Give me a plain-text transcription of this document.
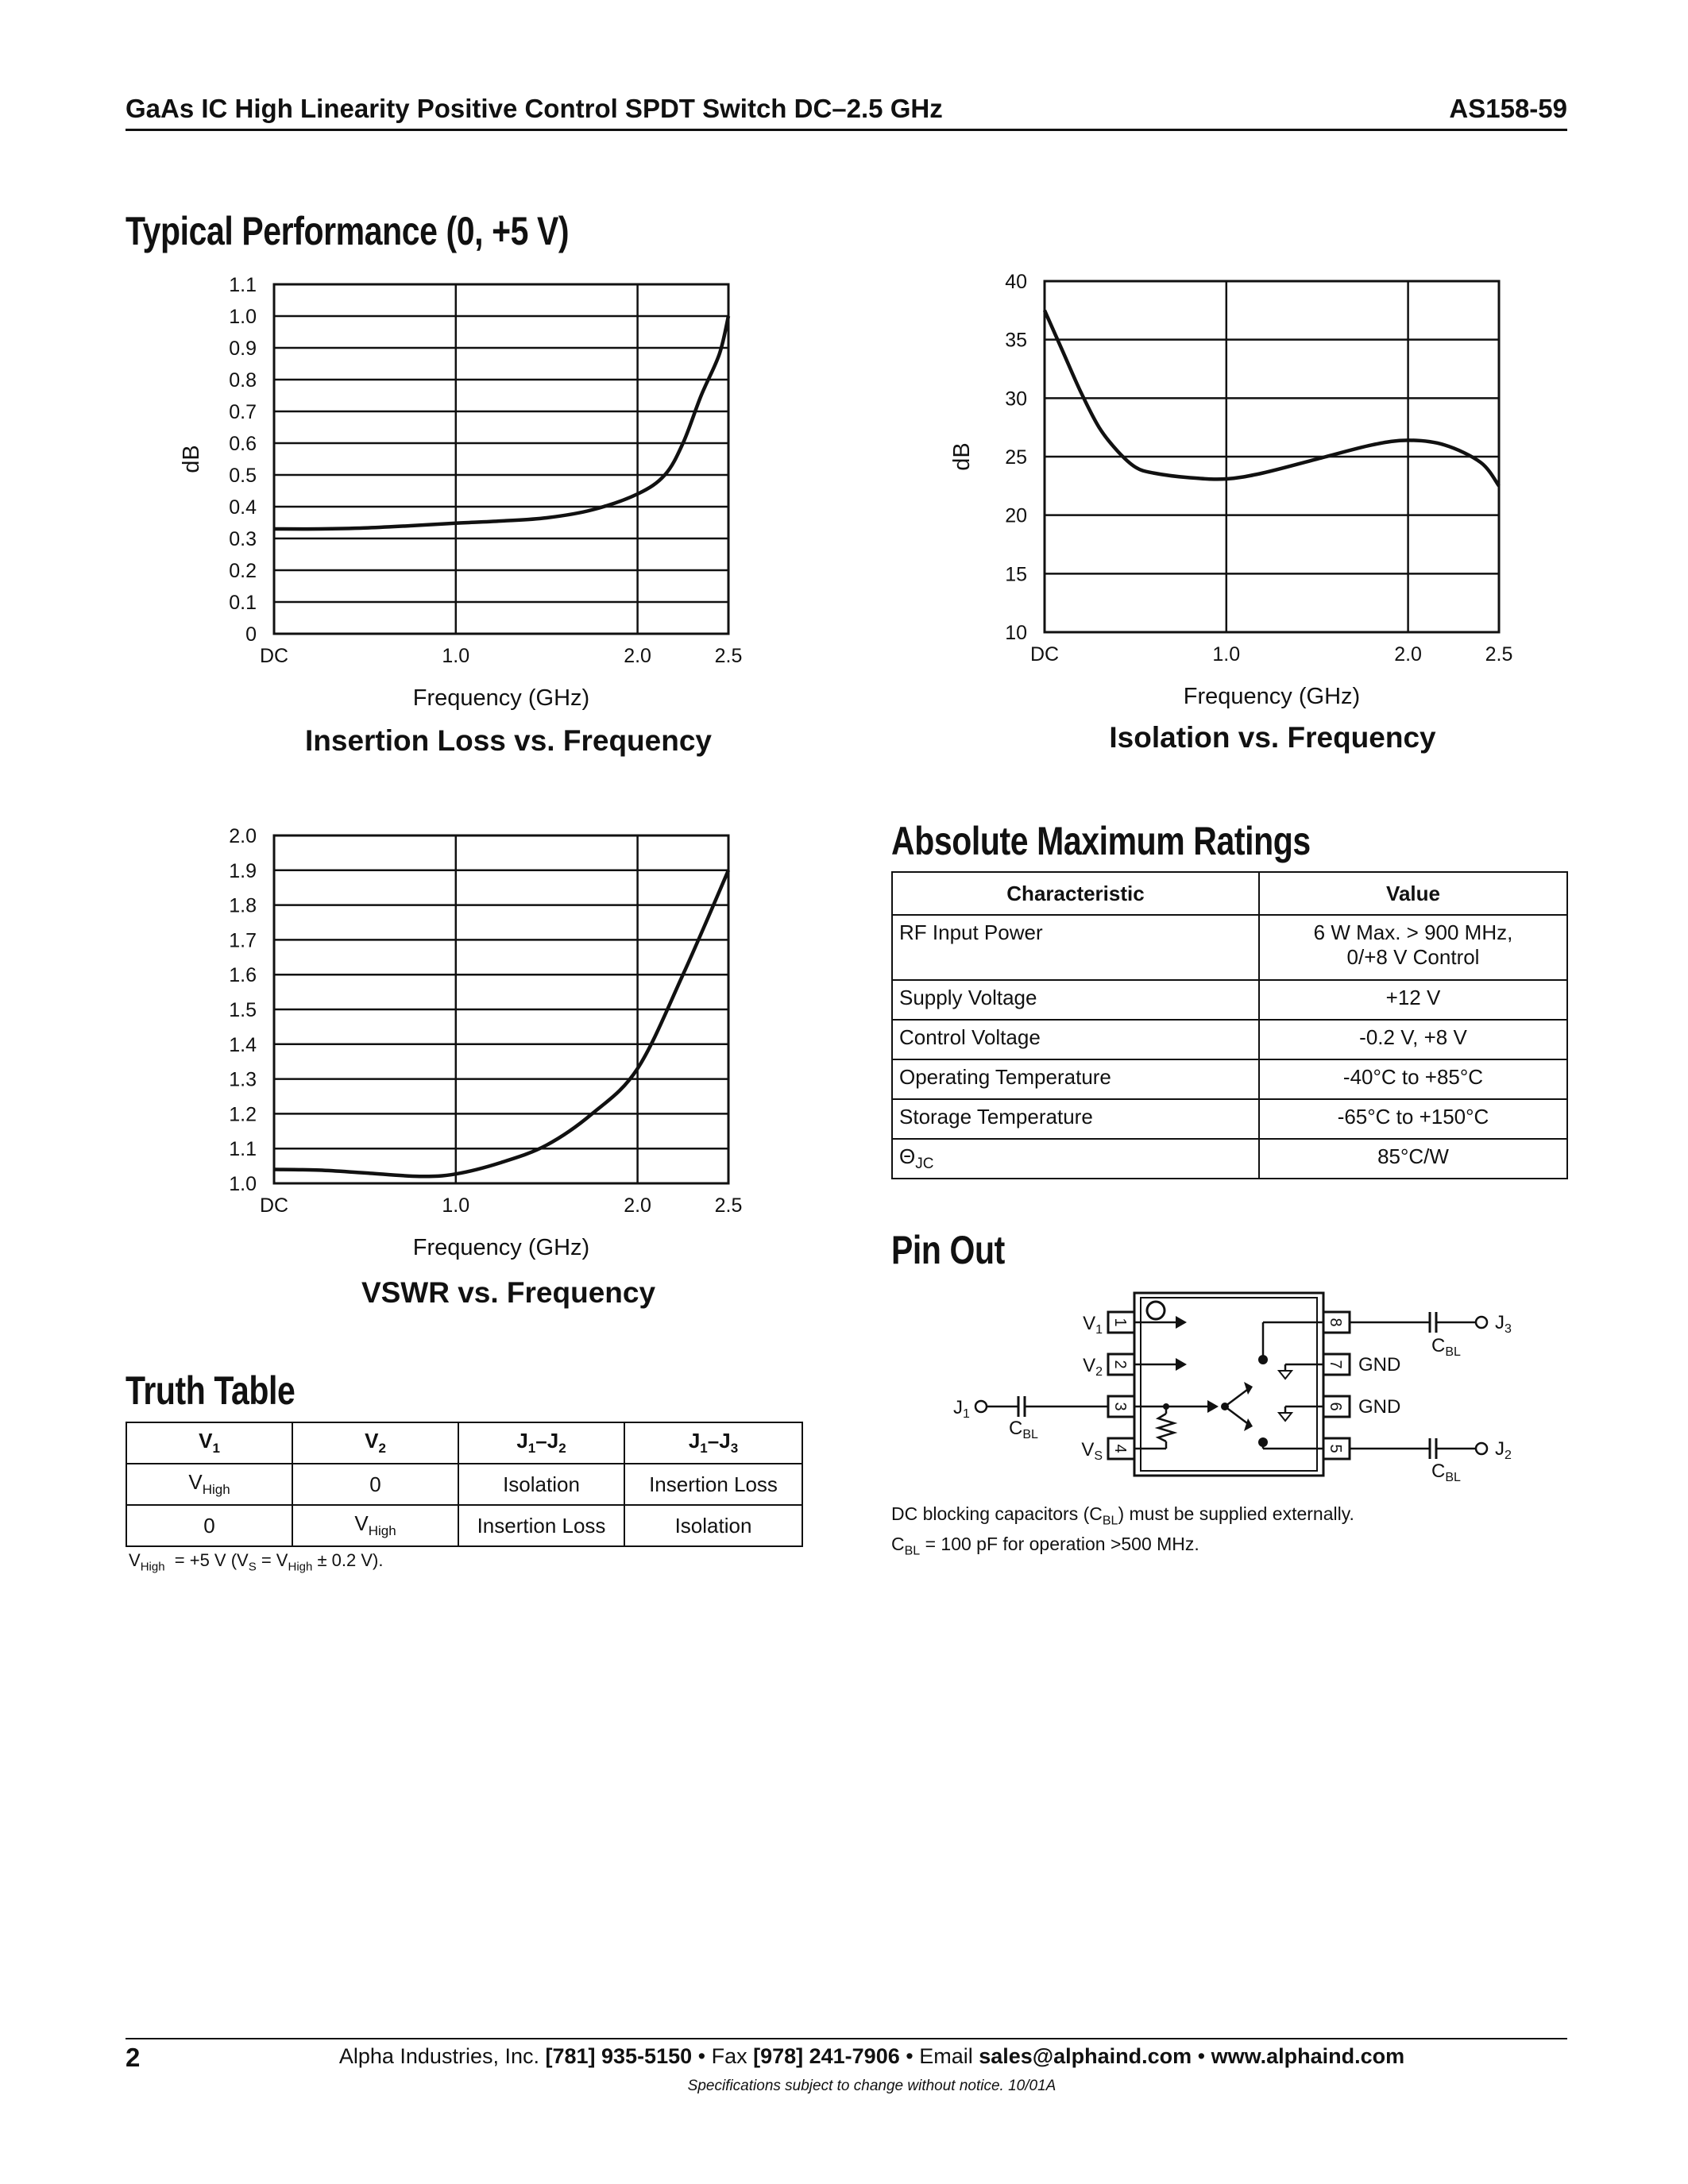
GaAs IC High Linearity Positive Control SPDT Switch DC–2.5 GHz	AS158-59
Typical Performance (0, +5 V)
0
0.1
0.2
0.3
0.4
0.5
0.6
0.7
0.8
0.9
1.0
1.1
DC	1.0	2.0	2.5
Frequency (GHz)
dB
Insertion Loss vs. Frequency
10
15
20
25
30
35
40
DC	1.0	2.0	2.5
Frequency (GHz)
dB
Isolation vs. Frequency
1.0
1.1
1.2
1.3
1.4
1.5
1.6
1.7
1.8
1.9
2.0
DC	1.0	2.0	2.5
Frequency (GHz)
VSWR vs. Frequency
Absolute Maximum Ratings
Characteristic	Value
RF Input Power	6 W Max. > 900 MHz,
0/+8 V Control
Supply Voltage	+12 V
Control Voltage	-0.2 V, +8 V
Operating Temperature	-40°C to +85°C
Storage Temperature	-65°C to +150°C
$\Theta_{JC}$	85°C/W
Pin Out
1
2
3
4
8
7
6
5
$V_1$
$V_2$
$V_S$
$J_1$
$C_{BL}$
$J_3$
$C_{BL}$
GND
GND
$J_2$
$C_{BL}$
DC blocking capacitors $(C_{BL})$ must be supplied externally.
$C_{BL} = 100$ pF for operation >500 MHz.
Truth Table
$V_1$	$V_2$	$J_1-J_2$	$J_1-J_3$
$V_{High}$	0	Isolation	Insertion Loss
0	$V_{High}$	Insertion Loss	Isolation
$V_{High} = +5$ V ($V_S = V_{High} \pm 0.2$ V).
2	Alpha Industries, Inc. [781] 935-5150 • Fax [978] 241-7906 • Email sales@alphaind.com • www.alphaind.com
Specifications subject to change without notice. 10/01A
